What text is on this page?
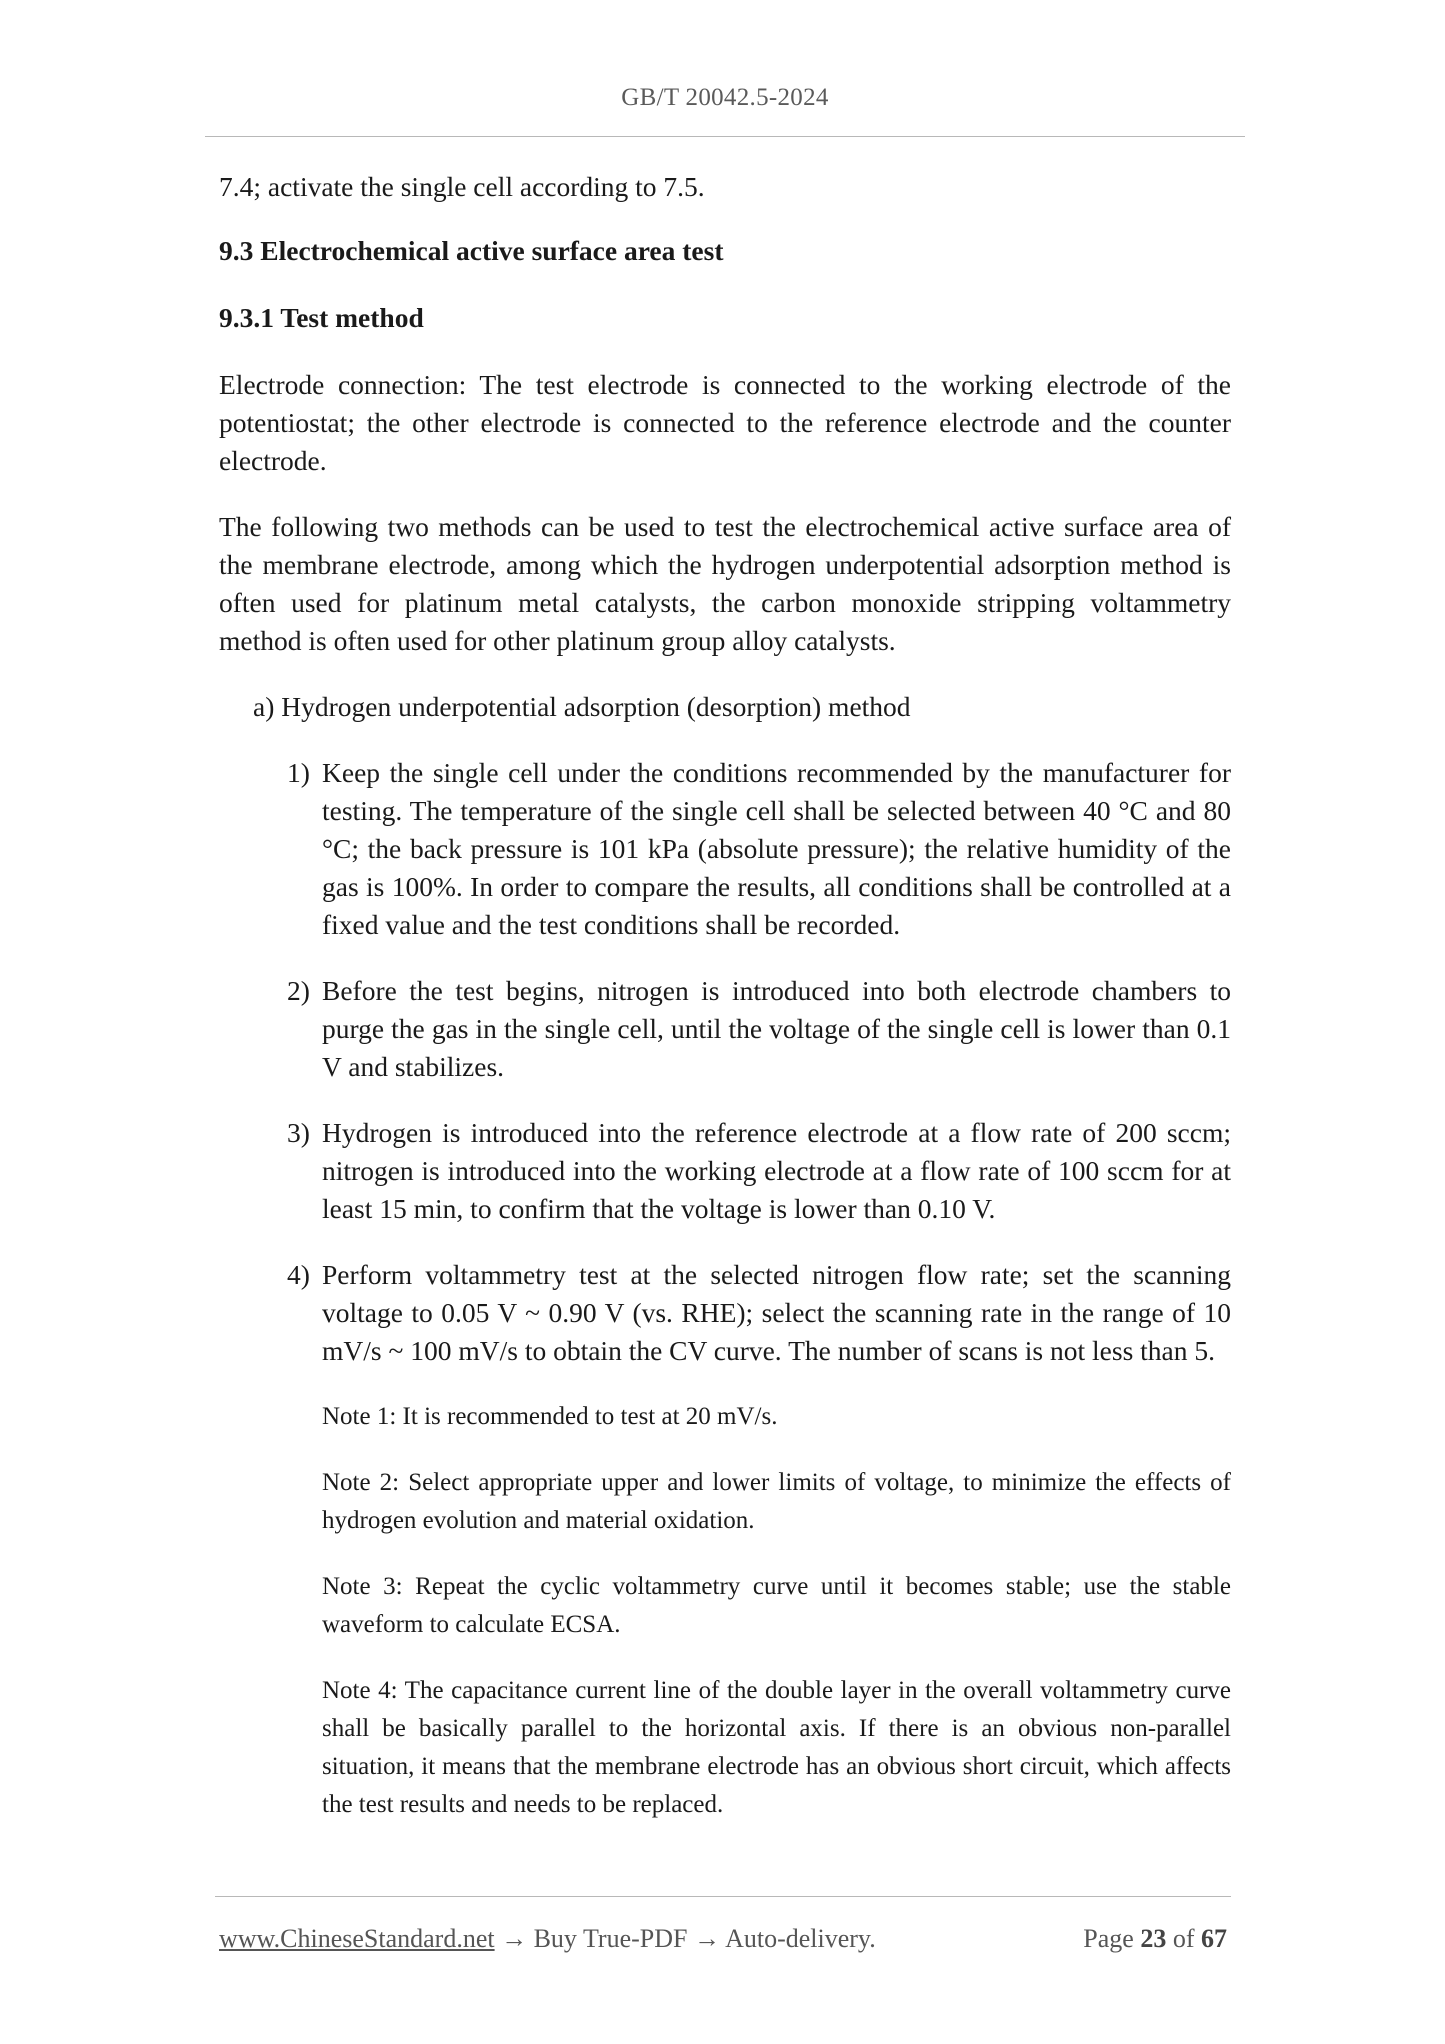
GB/T 20042.5-2024

7.4; activate the single cell according to 7.5.

9.3 Electrochemical active surface area test

9.3.1 Test method

Electrode connection: The test electrode is connected to the working electrode of the potentiostat; the other electrode is connected to the reference electrode and the counter electrode.

The following two methods can be used to test the electrochemical active surface area of the membrane electrode, among which the hydrogen underpotential adsorption method is often used for platinum metal catalysts, the carbon monoxide stripping voltammetry method is often used for other platinum group alloy catalysts.

a) Hydrogen underpotential adsorption (desorption) method

1) Keep the single cell under the conditions recommended by the manufacturer for testing. The temperature of the single cell shall be selected between 40 °C and 80 °C; the back pressure is 101 kPa (absolute pressure); the relative humidity of the gas is 100%. In order to compare the results, all conditions shall be controlled at a fixed value and the test conditions shall be recorded.
2) Before the test begins, nitrogen is introduced into both electrode chambers to purge the gas in the single cell, until the voltage of the single cell is lower than 0.1 V and stabilizes.
3) Hydrogen is introduced into the reference electrode at a flow rate of 200 sccm; nitrogen is introduced into the working electrode at a flow rate of 100 sccm for at least 15 min, to confirm that the voltage is lower than 0.10 V.
4) Perform voltammetry test at the selected nitrogen flow rate; set the scanning voltage to 0.05 V ~ 0.90 V (vs. RHE); select the scanning rate in the range of 10 mV/s ~ 100 mV/s to obtain the CV curve. The number of scans is not less than 5.

Note 1: It is recommended to test at 20 mV/s.

Note 2: Select appropriate upper and lower limits of voltage, to minimize the effects of hydrogen evolution and material oxidation.

Note 3: Repeat the cyclic voltammetry curve until it becomes stable; use the stable waveform to calculate ECSA.

Note 4: The capacitance current line of the double layer in the overall voltammetry curve shall be basically parallel to the horizontal axis. If there is an obvious non-parallel situation, it means that the membrane electrode has an obvious short circuit, which affects the test results and needs to be replaced.

www.ChineseStandard.net → Buy True-PDF → Auto-delivery.	Page 23 of 67
